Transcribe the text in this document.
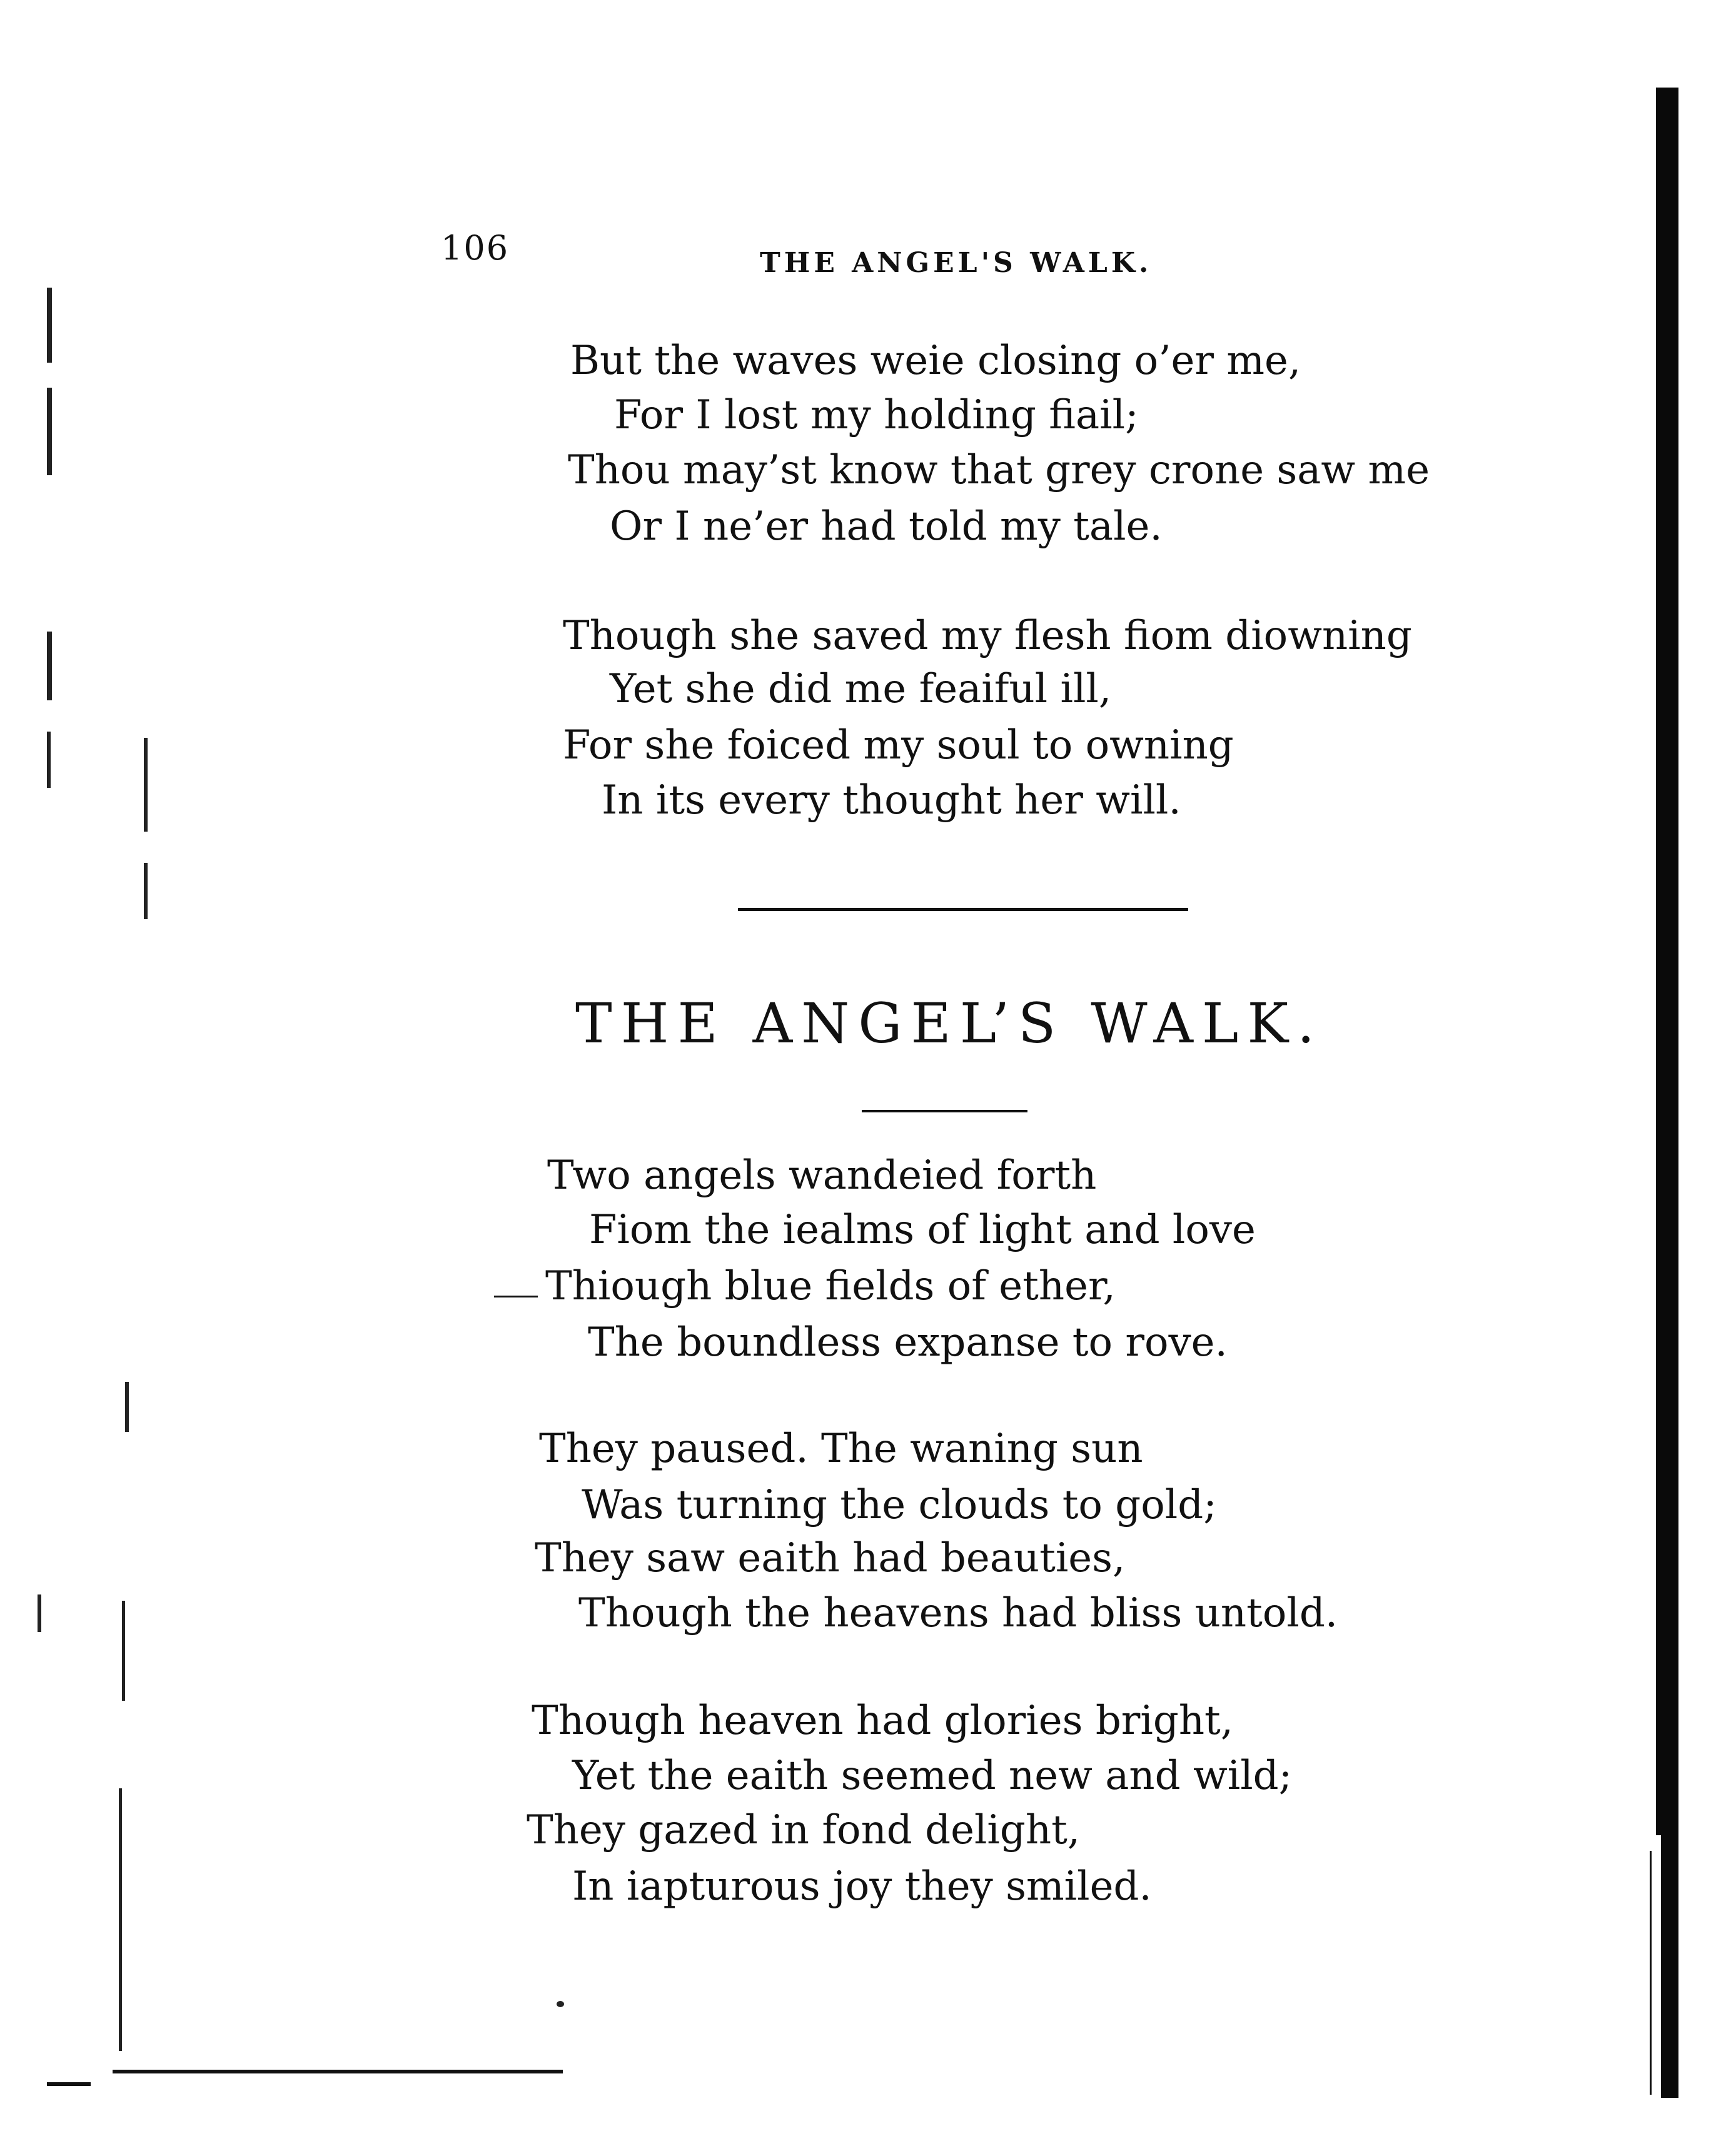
106	THE ANGEL'S WALK.
But the waves weie closing o’er me,
For I lost my holding fiail;
Thou may’st know that grey crone saw me
Or I ne’er had told my tale.
Though she saved my flesh fiom diowning
Yet she did me feaiful ill,
For she foiced my soul to owning
In its every thought her will.
THE ANGEL’S WALK.
Two angels wandeied forth
Fiom the iealms of light and love
Thiough blue fields of ether,
The boundless expanse to rove.
They paused. The waning sun
Was turning the clouds to gold;
They saw eaith had beauties,
Though the heavens had bliss untold.
Though heaven had glories bright,
Yet the eaith seemed new and wild;
They gazed in fond delight,
In iapturous joy they smiled.
